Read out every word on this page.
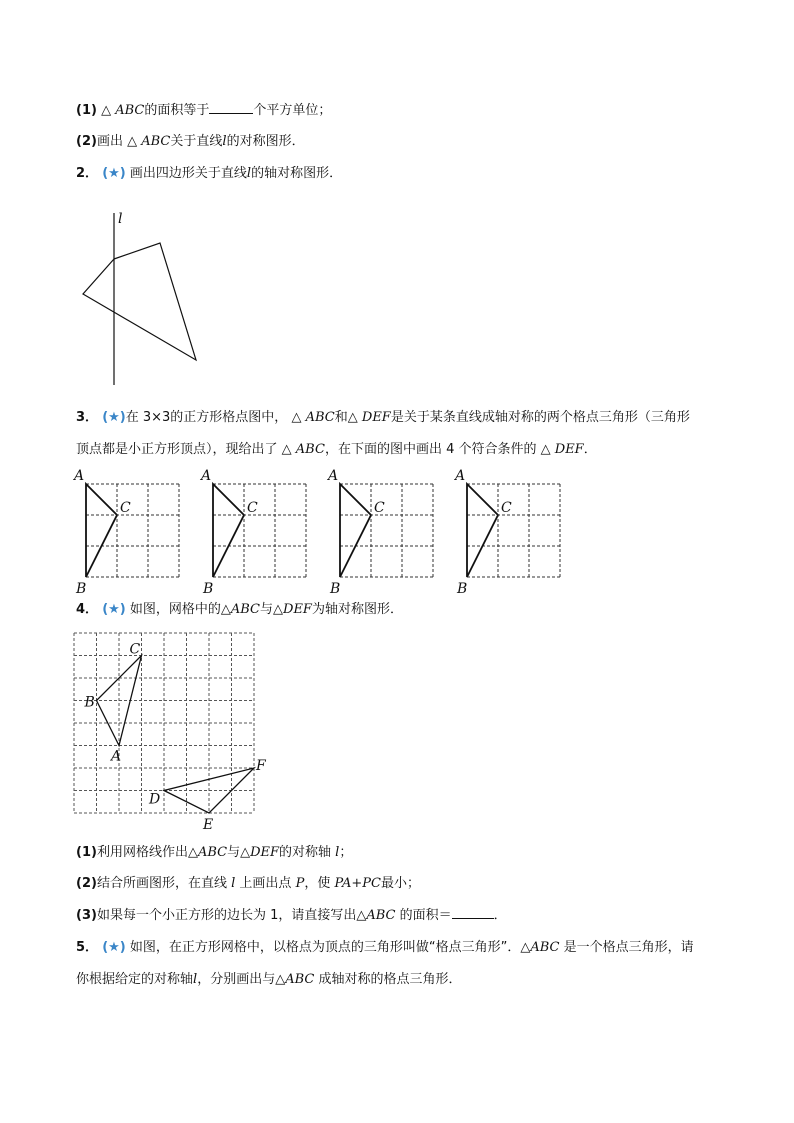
(1) △ ABC的面积等于	个平方单位；
(2)画出 △ ABC关于直线l的对称图形．
2． (★) 画出四边形关于直线l的轴对称图形．
l
3． (★)在 3×3的正方形格点图中， △ ABC和△ DEF是关于某条直线成轴对称的两个格点三角形（三角形
顶点都是小正方形顶点），现给出了 △ ABC，在下面的图中画出 4 个符合条件的 △ DEF．
A
B
C
A
B
C
A
B
C
A
B
C
4． (★) 如图，网格中的△ABC与△DEF为轴对称图形．
C
B
A
D
E
F
(1)利用网格线作出△ABC与△DEF的对称轴 l；
(2)结合所画图形，在直线 l 上画出点 P，使 PA+PC最小；
(3)如果每一个小正方形的边长为 1，请直接写出△ABC 的面积＝	．
5． (★) 如图，在正方形网格中，以格点为顶点的三角形叫做“格点三角形”．△ABC 是一个格点三角形，请
你根据给定的对称轴l，分别画出与△ABC 成轴对称的格点三角形．
